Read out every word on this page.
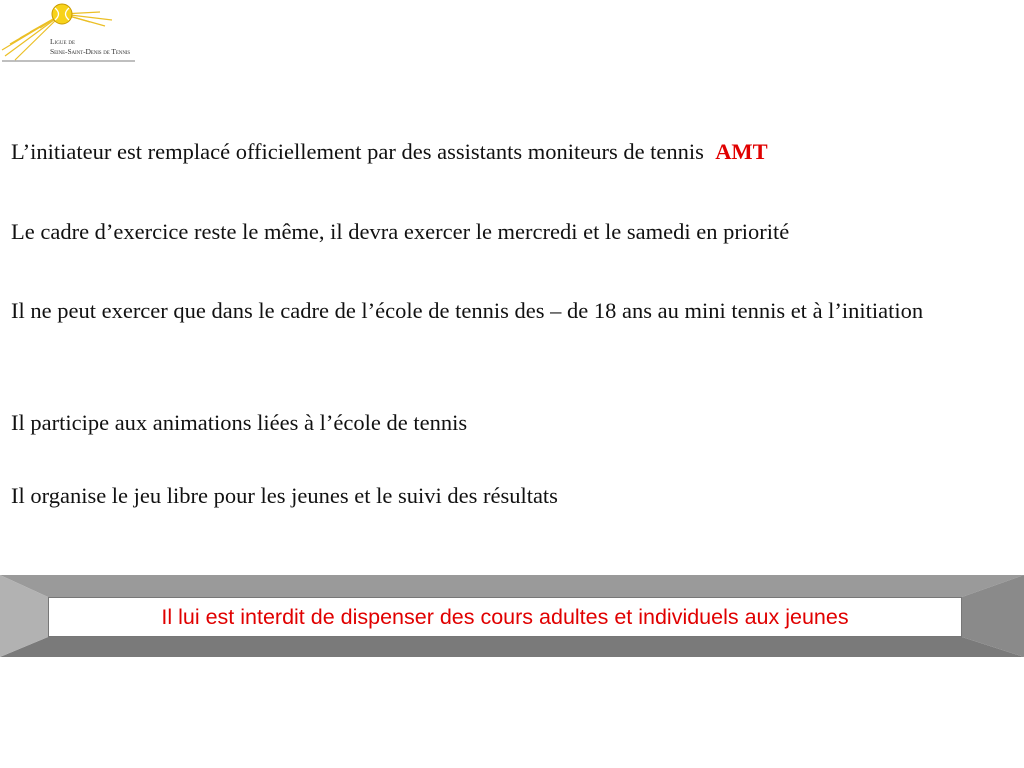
Ligue de
Seine-Saint-Denis de Tennis

L’initiateur est remplacé officiellement par des assistants moniteurs de tennis AMT

Le cadre d’exercice reste le même, il devra exercer le mercredi et le samedi en priorité

Il ne peut exercer que dans le cadre de l’école de tennis des – de 18 ans au mini tennis et à l’initiation

Il participe aux animations liées à l’école de tennis

Il organise le jeu libre pour les jeunes et le suivi des résultats

Il lui est interdit de dispenser des cours adultes et individuels aux jeunes
